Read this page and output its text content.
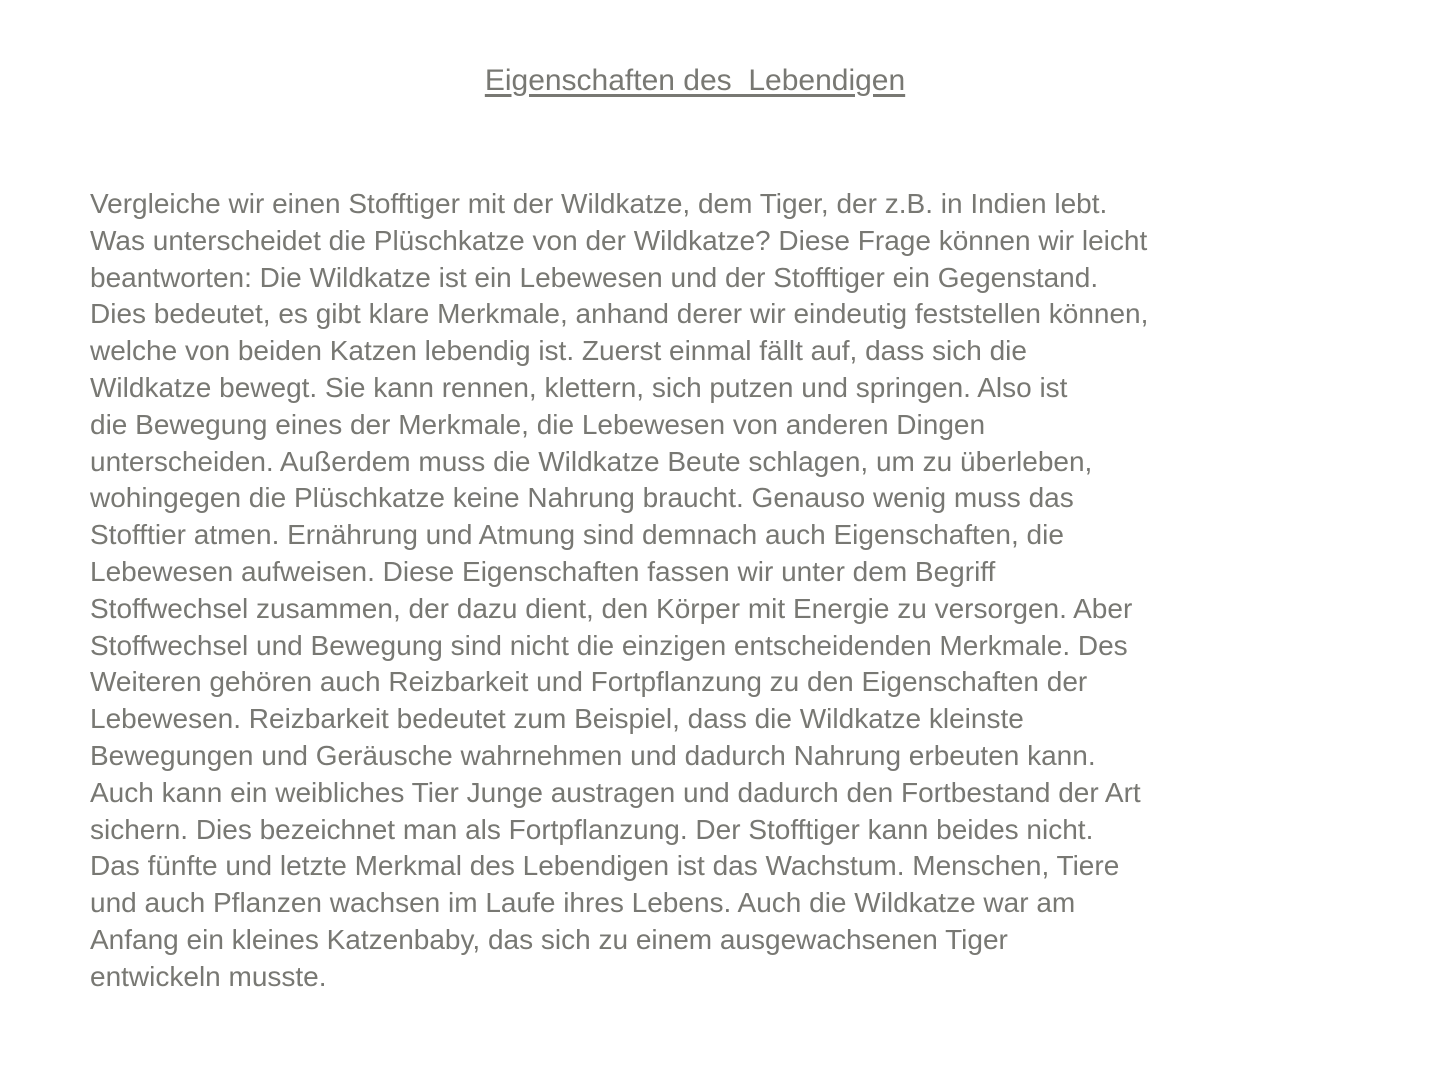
Eigenschaften des  Lebendigen
Vergleiche wir einen Stofftiger mit der Wildkatze, dem Tiger, der z.B. in Indien lebt.
Was unterscheidet die Plüschkatze von der Wildkatze? Diese Frage können wir leicht
beantworten: Die Wildkatze ist ein Lebewesen und der Stofftiger ein Gegenstand.
Dies bedeutet, es gibt klare Merkmale, anhand derer wir eindeutig feststellen können,
welche von beiden Katzen lebendig ist. Zuerst einmal fällt auf, dass sich die
Wildkatze bewegt. Sie kann rennen, klettern, sich putzen und springen. Also ist
die Bewegung eines der Merkmale, die Lebewesen von anderen Dingen
unterscheiden. Außerdem muss die Wildkatze Beute schlagen, um zu überleben,
wohingegen die Plüschkatze keine Nahrung braucht. Genauso wenig muss das
Stofftier atmen. Ernährung und Atmung sind demnach auch Eigenschaften, die
Lebewesen aufweisen. Diese Eigenschaften fassen wir unter dem Begriff
Stoffwechsel zusammen, der dazu dient, den Körper mit Energie zu versorgen. Aber
Stoffwechsel und Bewegung sind nicht die einzigen entscheidenden Merkmale. Des
Weiteren gehören auch Reizbarkeit und Fortpflanzung zu den Eigenschaften der
Lebewesen. Reizbarkeit bedeutet zum Beispiel, dass die Wildkatze kleinste
Bewegungen und Geräusche wahrnehmen und dadurch Nahrung erbeuten kann.
Auch kann ein weibliches Tier Junge austragen und dadurch den Fortbestand der Art
sichern. Dies bezeichnet man als Fortpflanzung. Der Stofftiger kann beides nicht.
Das fünfte und letzte Merkmal des Lebendigen ist das Wachstum. Menschen, Tiere
und auch Pflanzen wachsen im Laufe ihres Lebens. Auch die Wildkatze war am
Anfang ein kleines Katzenbaby, das sich zu einem ausgewachsenen Tiger
entwickeln musste.
